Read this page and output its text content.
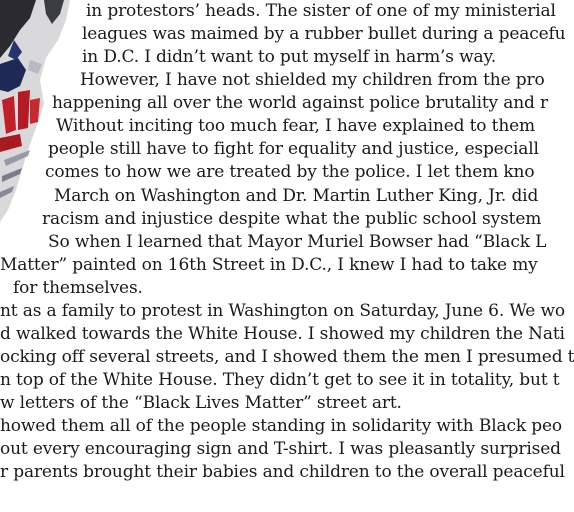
in protestors’ heads. The sister of one of my ministerial
leagues was maimed by a rubber bullet during a peacefu
in D.C. I didn’t want to put myself in harm’s way.
However, I have not shielded my children from the pro
happening all over the world against police brutality and r
Without inciting too much fear, I have explained to them
people still have to fight for equality and justice, especiall
comes to how we are treated by the police. I let them kno
March on Washington and Dr. Martin Luther King, Jr. did
racism and injustice despite what the public school system
So when I learned that Mayor Muriel Bowser had “Black L
Matter” painted on 16th Street in D.C., I knew I had to take my
for themselves.
nt as a family to protest in Washington on Saturday, June 6. We wo
d walked towards the White House. I showed my children the Nati
ocking off several streets, and I showed them the men I presumed t
n top of the White House. They didn’t get to see it in totality, but t
w letters of the “Black Lives Matter” street art.
howed them all of the people standing in solidarity with Black peo
out every encouraging sign and T-shirt. I was pleasantly surprised
r parents brought their babies and children to the overall peaceful
